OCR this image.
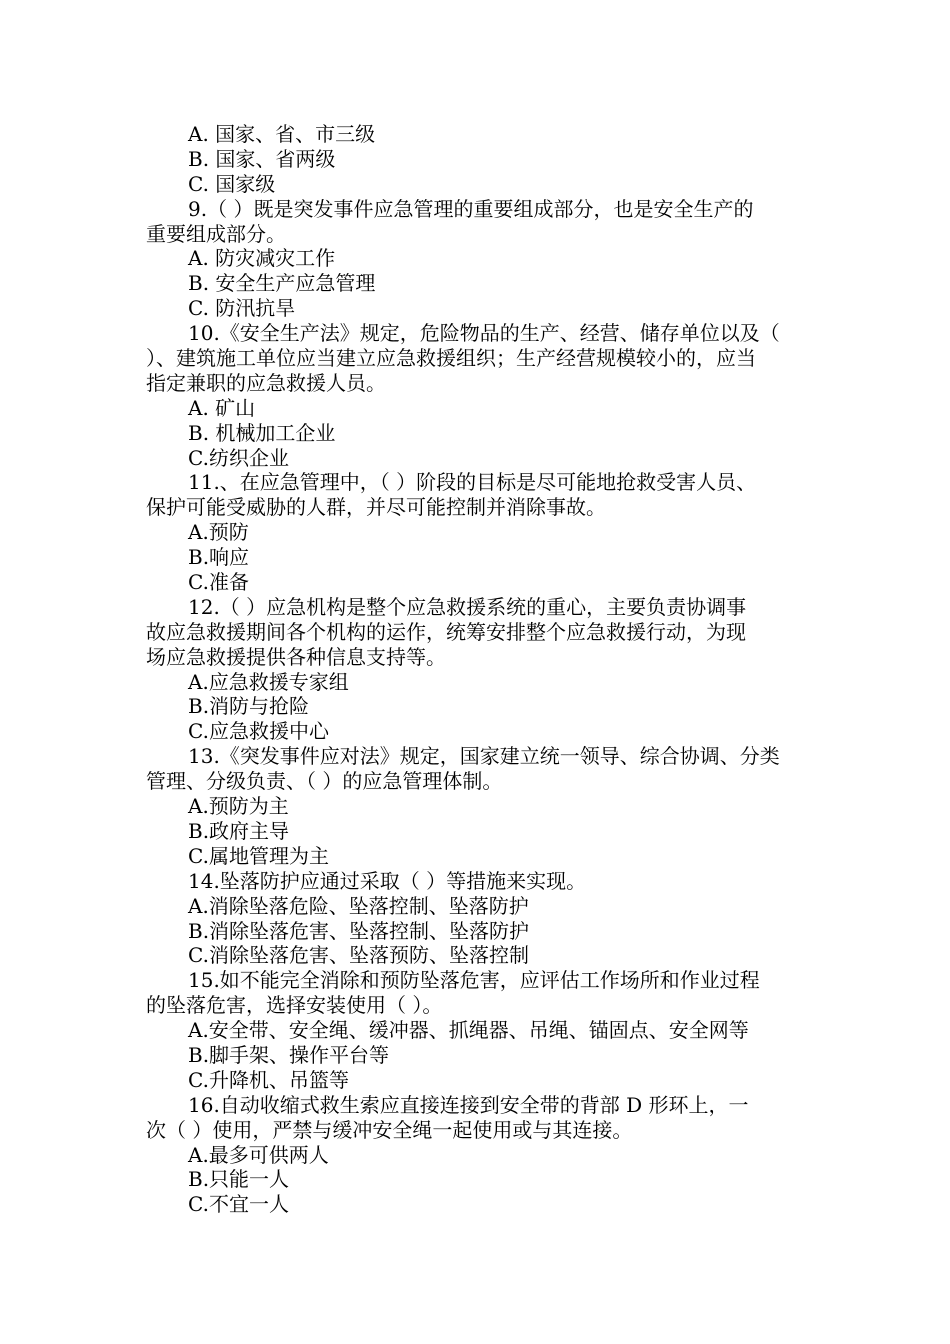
A. 国家、省、市三级
B. 国家、省两级
C. 国家级
9.（ ）既是突发事件应急管理的重要组成部分，也是安全生产的
重要组成部分。
A. 防灾减灾工作
B. 安全生产应急管理
C. 防汛抗旱
10.《安全生产法》规定，危险物品的生产、经营、储存单位以及（
）、建筑施工单位应当建立应急救援组织；生产经营规模较小的，应当
指定兼职的应急救援人员。
A. 矿山
B. 机械加工企业
C.纺织企业
11.、在应急管理中，（ ）阶段的目标是尽可能地抢救受害人员、
保护可能受威胁的人群，并尽可能控制并消除事故。
A.预防
B.响应
C.准备
12.（ ）应急机构是整个应急救援系统的重心，主要负责协调事
故应急救援期间各个机构的运作，统筹安排整个应急救援行动，为现
场应急救援提供各种信息支持等。
A.应急救援专家组
B.消防与抢险
C.应急救援中心
13.《突发事件应对法》规定，国家建立统一领导、综合协调、分类
管理、分级负责、（ ）的应急管理体制。
A.预防为主
B.政府主导
C.属地管理为主
14.坠落防护应通过采取（ ）等措施来实现。
A.消除坠落危险、坠落控制、坠落防护
B.消除坠落危害、坠落控制、坠落防护
C.消除坠落危害、坠落预防、坠落控制
15.如不能完全消除和预防坠落危害，应评估工作场所和作业过程
的坠落危害，选择安装使用（ ）。
A.安全带、安全绳、缓冲器、抓绳器、吊绳、锚固点、安全网等
B.脚手架、操作平台等
C.升降机、吊篮等
16.自动收缩式救生索应直接连接到安全带的背部 D 形环上，一
次（ ）使用，严禁与缓冲安全绳一起使用或与其连接。
A.最多可供两人
B.只能一人
C.不宜一人
